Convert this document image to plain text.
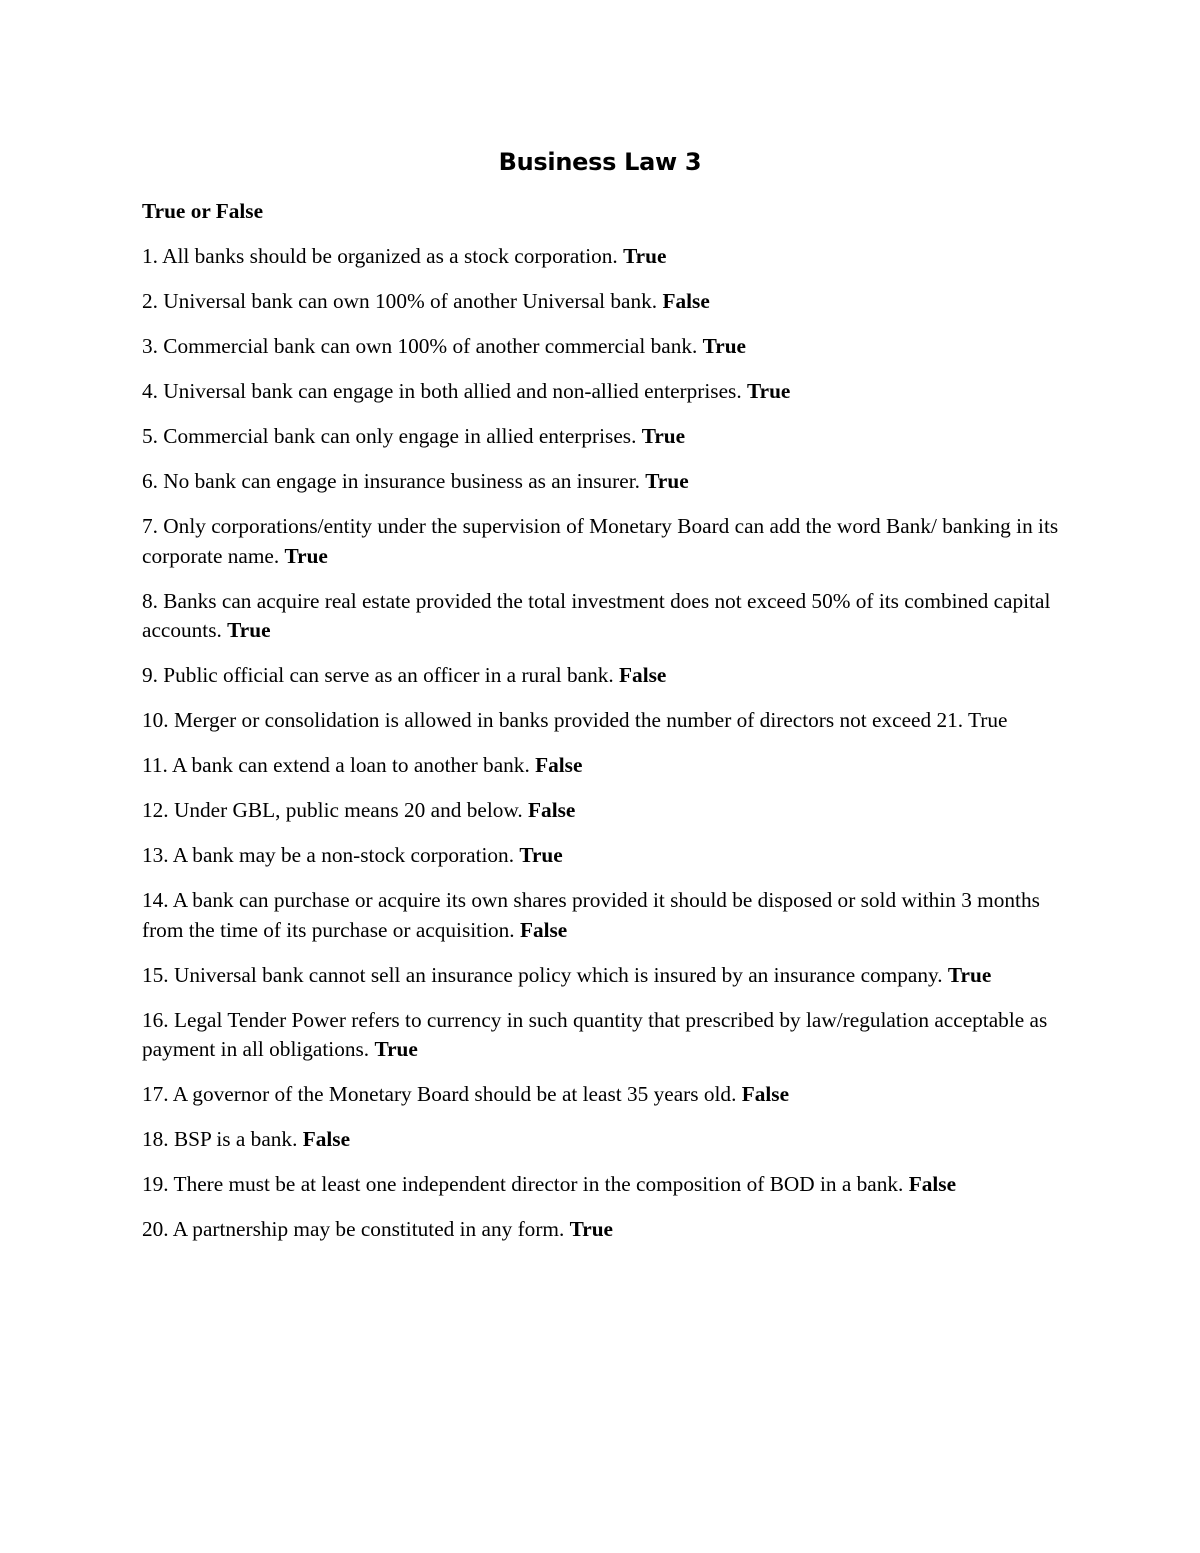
Business Law 3
True or False
1. All banks should be organized as a stock corporation. True
2. Universal bank can own 100% of another Universal bank. False
3. Commercial bank can own 100% of another commercial bank. True
4. Universal bank can engage in both allied and non-allied enterprises. True
5. Commercial bank can only engage in allied enterprises. True
6. No bank can engage in insurance business as an insurer. True
7. Only corporations/entity under the supervision of Monetary Board can add the word Bank/ banking in its corporate name. True
8. Banks can acquire real estate provided the total investment does not exceed 50% of its combined capital accounts. True
9. Public official can serve as an officer in a rural bank. False
10. Merger or consolidation is allowed in banks provided the number of directors not exceed 21. True
11. A bank can extend a loan to another bank. False
12. Under GBL, public means 20 and below. False
13. A bank may be a non-stock corporation. True
14. A bank can purchase or acquire its own shares provided it should be disposed or sold within 3 months from the time of its purchase or acquisition. False
15. Universal bank cannot sell an insurance policy which is insured by an insurance company. True
16. Legal Tender Power refers to currency in such quantity that prescribed by law/regulation acceptable as payment in all obligations. True
17. A governor of the Monetary Board should be at least 35 years old. False
18. BSP is a bank. False
19. There must be at least one independent director in the composition of BOD in a bank. False
20. A partnership may be constituted in any form. True
